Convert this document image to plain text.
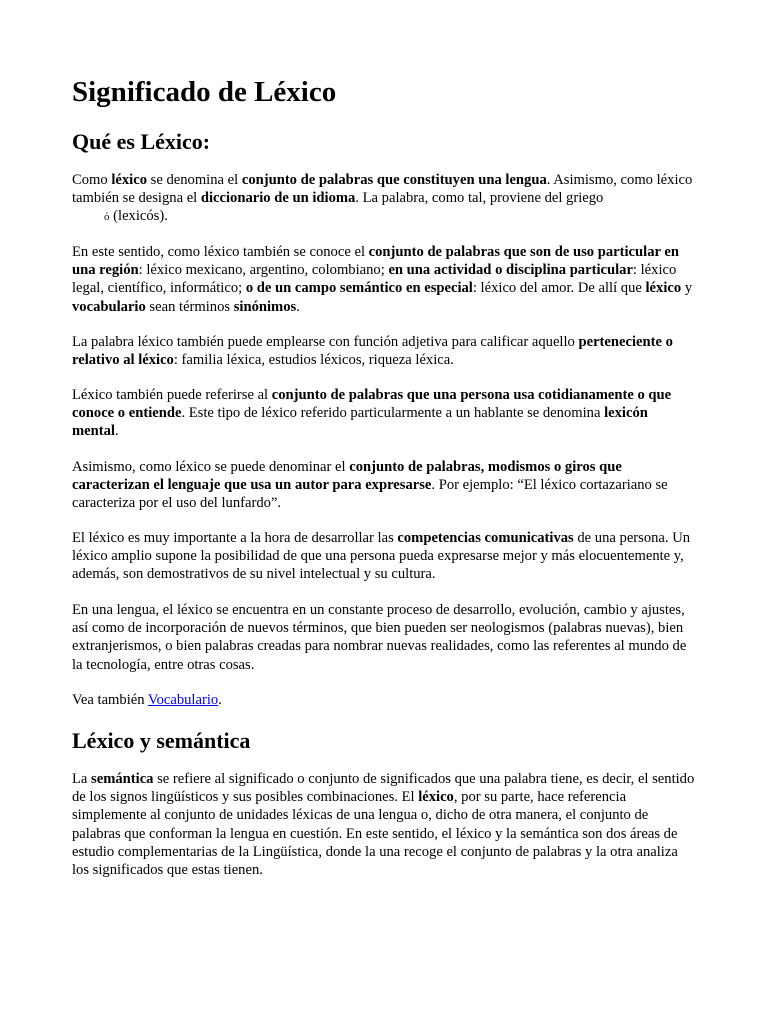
Significado de Léxico
Qué es Léxico:

Como léxico se denomina el conjunto de palabras que constituyen una lengua. Asimismo, como léxico también se designa el diccionario de un idioma. La palabra, como tal, proviene del griego
ό (lexicós).

En este sentido, como léxico también se conoce el conjunto de palabras que son de uso particular en una región: léxico mexicano, argentino, colombiano; en una actividad o disciplina particular: léxico legal, científico, informático; o de un campo semántico en especial: léxico del amor. De allí que léxico y vocabulario sean términos sinónimos.

La palabra léxico también puede emplearse con función adjetiva para calificar aquello perteneciente o relativo al léxico: familia léxica, estudios léxicos, riqueza léxica.

Léxico también puede referirse al conjunto de palabras que una persona usa cotidianamente o que conoce o entiende. Este tipo de léxico referido particularmente a un hablante se denomina lexicón mental.

Asimismo, como léxico se puede denominar el conjunto de palabras, modismos o giros que caracterizan el lenguaje que usa un autor para expresarse. Por ejemplo: “El léxico cortazariano se caracteriza por el uso del lunfardo”.

El léxico es muy importante a la hora de desarrollar las competencias comunicativas de una persona. Un léxico amplio supone la posibilidad de que una persona pueda expresarse mejor y más elocuentemente y, además, son demostrativos de su nivel intelectual y su cultura.

En una lengua, el léxico se encuentra en un constante proceso de desarrollo, evolución, cambio y ajustes, así como de incorporación de nuevos términos, que bien pueden ser neologismos (palabras nuevas), bien extranjerismos, o bien palabras creadas para nombrar nuevas realidades, como las referentes al mundo de la tecnología, entre otras cosas.

Vea también Vocabulario.

Léxico y semántica

La semántica se refiere al significado o conjunto de significados que una palabra tiene, es decir, el sentido de los signos lingüísticos y sus posibles combinaciones. El léxico, por su parte, hace referencia simplemente al conjunto de unidades léxicas de una lengua o, dicho de otra manera, el conjunto de palabras que conforman la lengua en cuestión. En este sentido, el léxico y la semántica son dos áreas de estudio complementarias de la Lingüística, donde la una recoge el conjunto de palabras y la otra analiza los significados que estas tienen.
